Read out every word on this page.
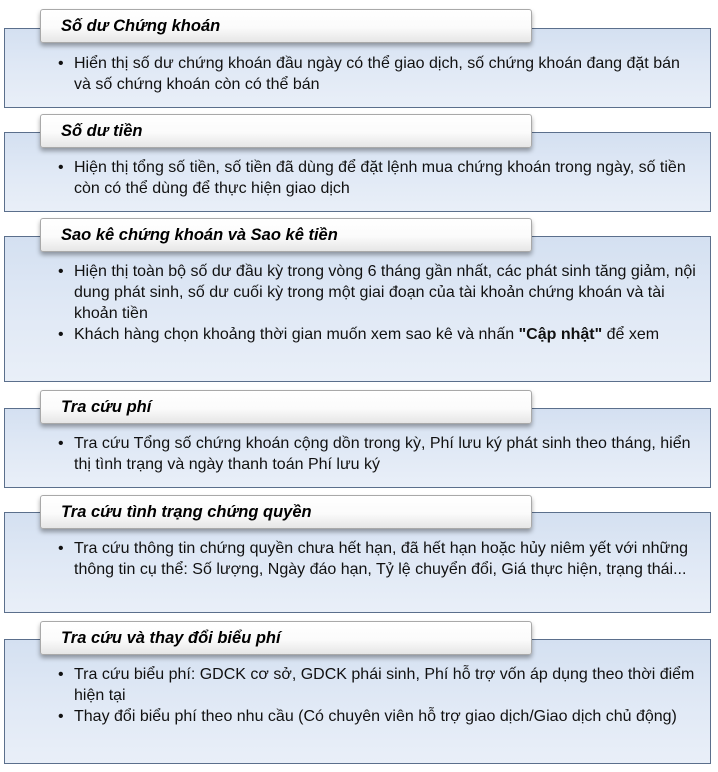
Số dư Chứng khoán
• Hiển thị số dư chứng khoán đầu ngày có thể giao dịch, số chứng khoán đang đặt bán và số chứng khoán còn có thể bán
Số dư tiền
• Hiện thị tổng số tiền, số tiền đã dùng để đặt lệnh mua chứng khoán trong ngày, số tiền còn có thể dùng để thực hiện giao dịch
Sao kê chứng khoán và Sao kê tiền
• Hiện thị toàn bộ số dư đầu kỳ trong vòng 6 tháng gần nhất, các phát sinh tăng giảm, nội dung phát sinh, số dư cuối kỳ trong một giai đoạn của tài khoản chứng khoán và tài khoản tiền
• Khách hàng chọn khoảng thời gian muốn xem sao kê và nhấn "Cập nhật" để xem
Tra cứu phí
• Tra cứu Tổng số chứng khoán cộng dồn trong kỳ, Phí lưu ký phát sinh theo tháng, hiển thị tình trạng và ngày thanh toán Phí lưu ký
Tra cứu tình trạng chứng quyền
• Tra cứu thông tin chứng quyền chưa hết hạn, đã hết hạn hoặc hủy niêm yết với những thông tin cụ thể: Số lượng, Ngày đáo hạn, Tỷ lệ chuyển đổi, Giá thực hiện, trạng thái...
Tra cứu và thay đổi biểu phí
• Tra cứu biểu phí: GDCK cơ sở, GDCK phái sinh, Phí hỗ trợ vốn áp dụng theo thời điểm hiện tại
• Thay đổi biểu phí theo nhu cầu (Có chuyên viên hỗ trợ giao dịch/Giao dịch chủ động)
